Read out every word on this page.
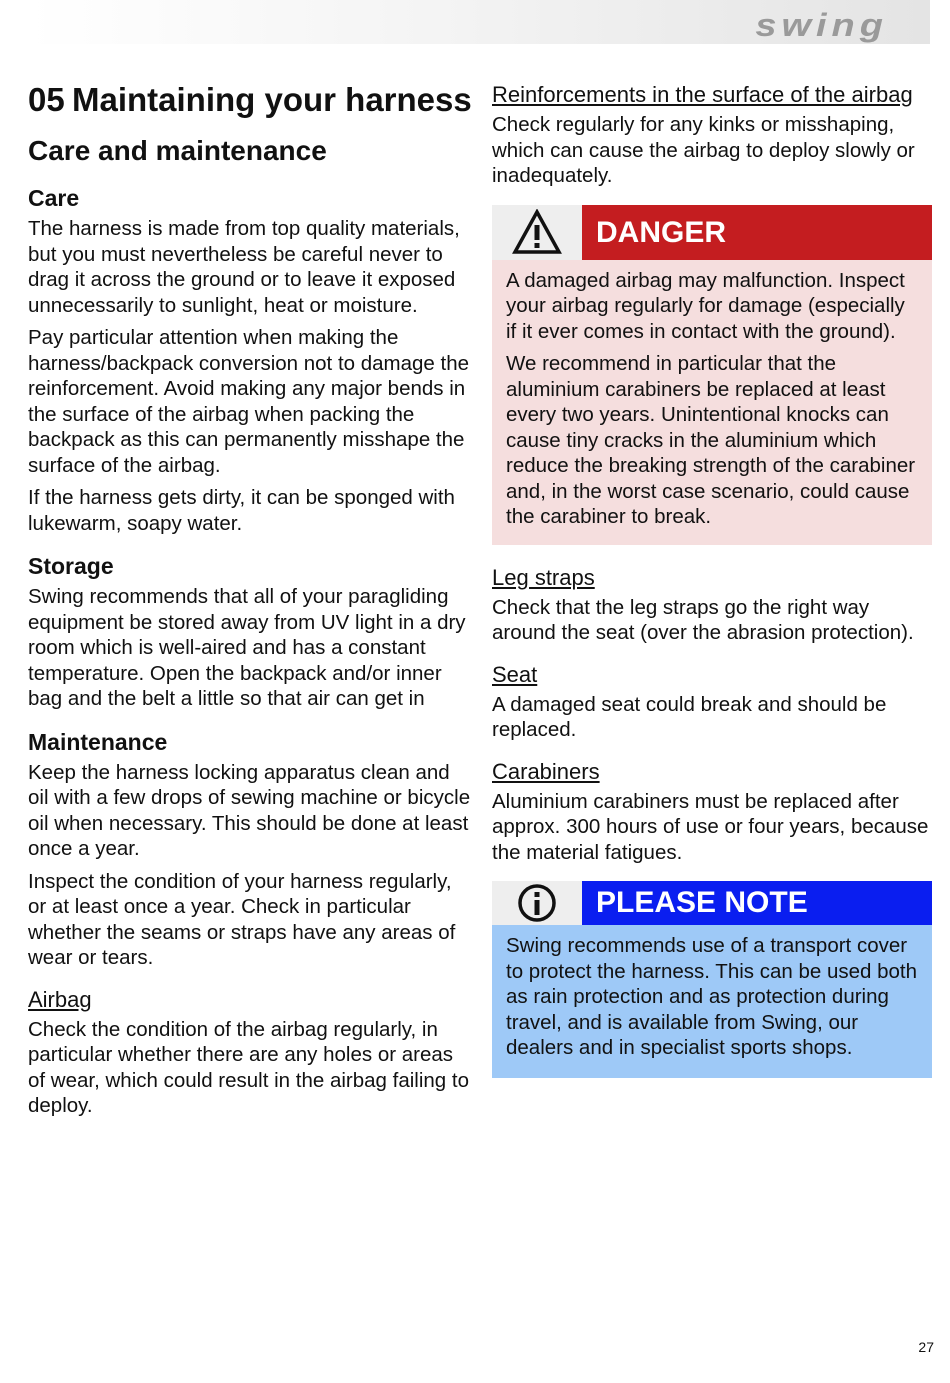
swing
05 Maintaining your harness
Care and maintenance
Care

The harness is made from top quality materials, but you must nevertheless be careful never to drag it across the ground or to leave it exposed unnecessarily to sunlight, heat or moisture.

Pay particular attention when making the harness/backpack conversion not to damage the reinforcement. Avoid making any major bends in the surface of the airbag when packing the backpack as this can permanently misshape the surface of the airbag.

If the harness gets dirty, it can be sponged with lukewarm, soapy water.

Storage

Swing recommends that all of your paragliding equipment be stored away from UV light in a dry room which is well-aired and has a constant temperature. Open the backpack and/or inner bag and the belt a little so that air can get in

Maintenance

Keep the harness locking apparatus clean and oil with a few drops of sewing machine or bicycle oil when necessary. This should be done at least once a year.

Inspect the condition of your harness regularly, or at least once a year. Check in particular whether the seams or straps have any areas of wear or tears.

Airbag

Check the condition of the airbag regularly, in particular whether there are any holes or areas of wear, which could result in the airbag failing to deploy.

Reinforcements in the surface of the airbag

Check regularly for any kinks or misshaping, which can cause the airbag to deploy slowly or inadequately.

DANGER

A damaged airbag may malfunction. Inspect your airbag regularly for damage (especially if it ever comes in contact with the ground).

We recommend in particular that the aluminium carabiners be replaced at least every two years. Unintentional knocks can cause tiny cracks in the aluminium which reduce the breaking strength of the carabiner and, in the worst case scenario, could cause the carabiner to break.

Leg straps

Check that the leg straps go the right way around the seat (over the abrasion protection).

Seat

A damaged seat could break and should be replaced.

Carabiners

Aluminium carabiners must be replaced after approx. 300 hours of use or four years, because the material fatigues.

PLEASE NOTE

Swing recommends use of a transport cover to protect the harness. This can be used both as rain protection and as protection during travel, and is available from Swing, our dealers and in specialist sports shops.

27
